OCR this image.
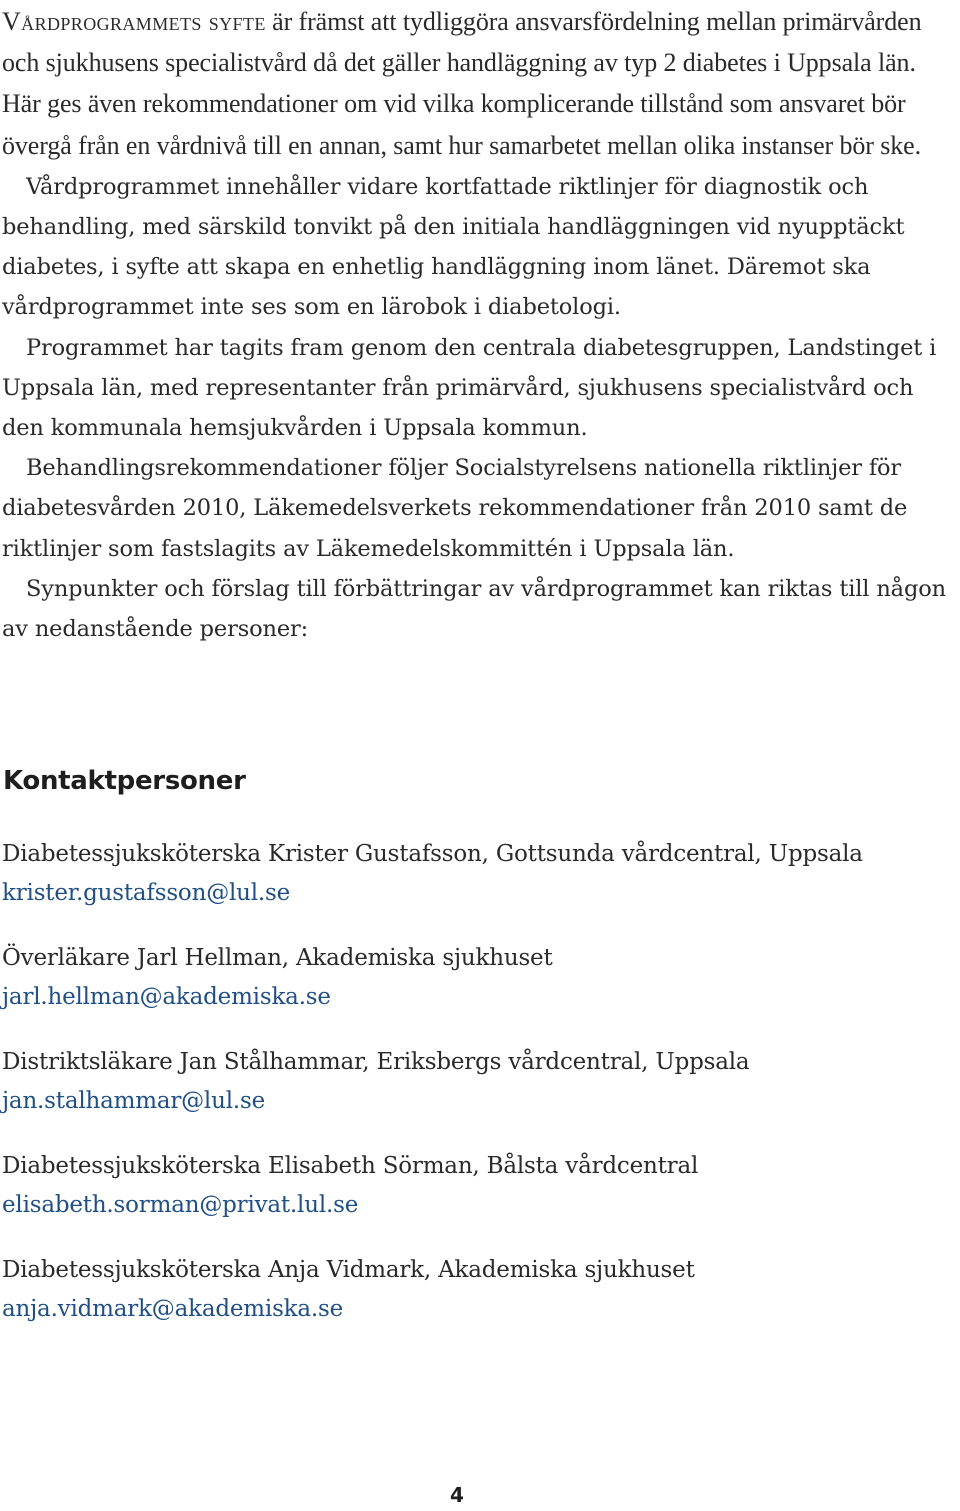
Vårdprogrammets syfte är främst att tydliggöra ansvarsfördelning mellan primärvården och sjukhusens specialistvård då det gäller handläggning av typ 2 diabetes i Uppsala län. Här ges även rekommendationer om vid vilka komplicerande tillstånd som ansvaret bör övergå från en vårdnivå till en annan, samt hur samarbetet mellan olika instanser bör ske.

Vårdprogrammet innehåller vidare kortfattade riktlinjer för diagnostik och behandling, med särskild tonvikt på den initiala handläggningen vid nyupptäckt diabetes, i syfte att skapa en enhetlig handläggning inom länet. Däremot ska vårdprogrammet inte ses som en lärobok i diabetologi.

Programmet har tagits fram genom den centrala diabetesgruppen, Landstinget i Uppsala län, med representanter från primärvård, sjukhusens specialistvård och den kommunala hemsjukvården i Uppsala kommun.

Behandlingsrekommendationer följer Socialstyrelsens nationella riktlinjer för diabetesvården 2010, Läkemedelsverkets rekommendationer från 2010 samt de riktlinjer som fastslagits av Läkemedelskommittén i Uppsala län.

Synpunkter och förslag till förbättringar av vårdprogrammet kan riktas till någon av nedanstående personer:

Kontaktpersoner
Diabetessjuksköterska Krister Gustafsson, Gottsunda vårdcentral, Uppsala
krister.gustafsson@lul.se
Överläkare Jarl Hellman, Akademiska sjukhuset
jarl.hellman@akademiska.se
Distriktsläkare Jan Stålhammar, Eriksbergs vårdcentral, Uppsala
jan.stalhammar@lul.se
Diabetessjuksköterska Elisabeth Sörman, Bålsta vårdcentral
elisabeth.sorman@privat.lul.se
Diabetessjuksköterska Anja Vidmark, Akademiska sjukhuset
anja.vidmark@akademiska.se
4
